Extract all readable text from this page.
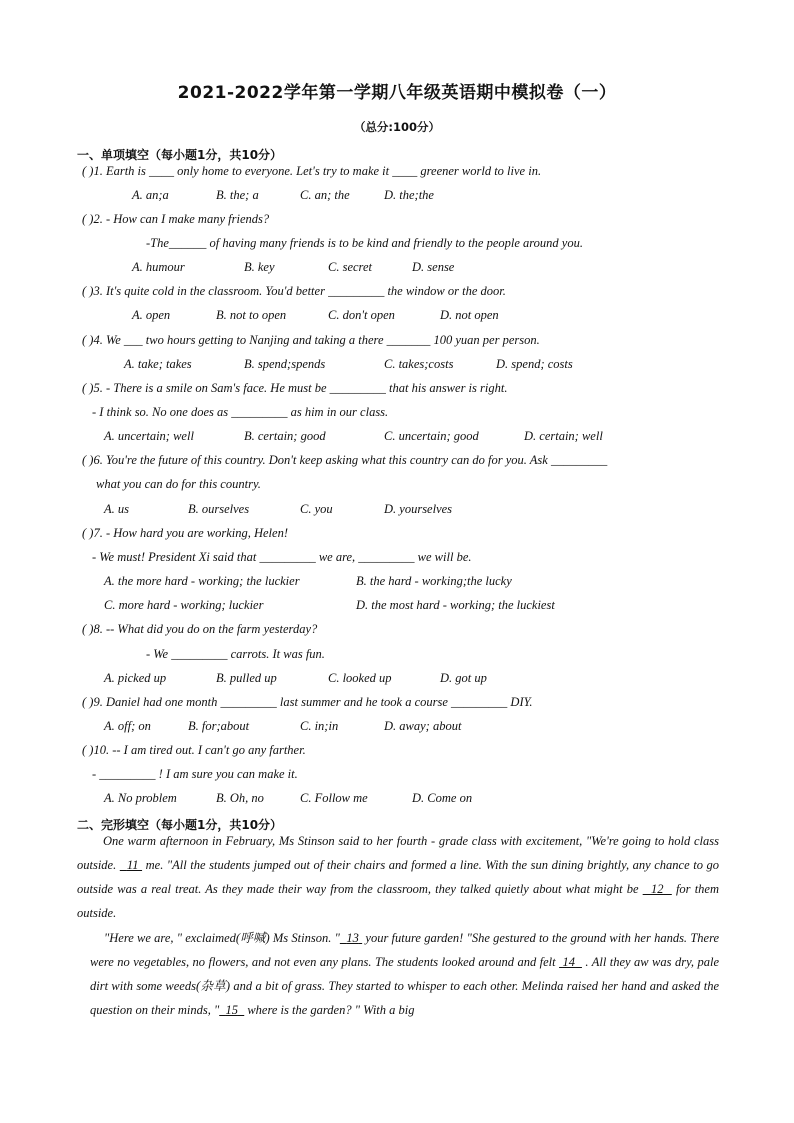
2021-2022学年第一学期八年级英语期中模拟卷（一）
（总分:100分）
一、单项填空（每小题1分，共10分）
( )1. Earth is ____ only home to everyone. Let's try to make it ____ greener world to live in.
A. an;a	B. the; a	C. an; the	D. the;the
( )2. - How can I make many friends?
-The______ of having many friends is to be kind and friendly to the people around you.
A. humour	B. key	C. secret	D. sense
( )3. It's quite cold in the classroom. You'd better _________ the window or the door.
A. open	B. not to open	C. don't open	D. not open
( )4. We ___ two hours getting to Nanjing and taking a there _______ 100 yuan per person.
A. take; takes	B. spend;spends	C. takes;costs	D. spend; costs
( )5. - There is a smile on Sam's face. He must be _________ that his answer is right.
- I think so. No one does as _________ as him in our class.
A. uncertain; well	B. certain; good	C. uncertain; good	D. certain; well
( )6. You're the future of this country. Don't keep asking what this country can do for you. Ask _________
what you can do for this country.
A. us	B. ourselves	C. you	D. yourselves
( )7. - How hard you are working, Helen!
- We must! President Xi said that _________ we are, _________ we will be.
A. the more hard - working; the luckier	B. the hard - working;the lucky
C. more hard - working; luckier	D. the most hard - working; the luckiest
( )8. -- What did you do on the farm yesterday?
- We _________ carrots. It was fun.
A. picked up	B. pulled up	C. looked up	D. got up
( )9. Daniel had one month _________ last summer and he took a course _________ DIY.
A. off; on	B. for;about	C. in;in	D. away; about
( )10. -- I am tired out. I can't go any farther.
- _________ ! I am sure you can make it.
A. No problem	B. Oh, no	C. Follow me	D. Come on
二、完形填空（每小题1分，共10分）
One warm afternoon in February, Ms Stinson said to her fourth - grade class with excitement, "We're going to hold class outside.   11  me. "All the students jumped out of their chairs and formed a line. With the sun dining brightly, any chance to go outside was a real treat. As they made their way from the classroom, they talked quietly about what might be   12   for them outside.
"Here we are, " exclaimed(呼喊) Ms Stinson. " 13  your future garden! "She gestured to the ground with her hands. There were no vegetables, no flowers, and not even any plans. The students looked around and felt  14   . All they aw was dry, pale dirt with some weeds(杂草) and a bit of grass. They started to whisper to each other. Melinda raised her hand and asked the question on their minds, " 15   where is the garden? " With a big
